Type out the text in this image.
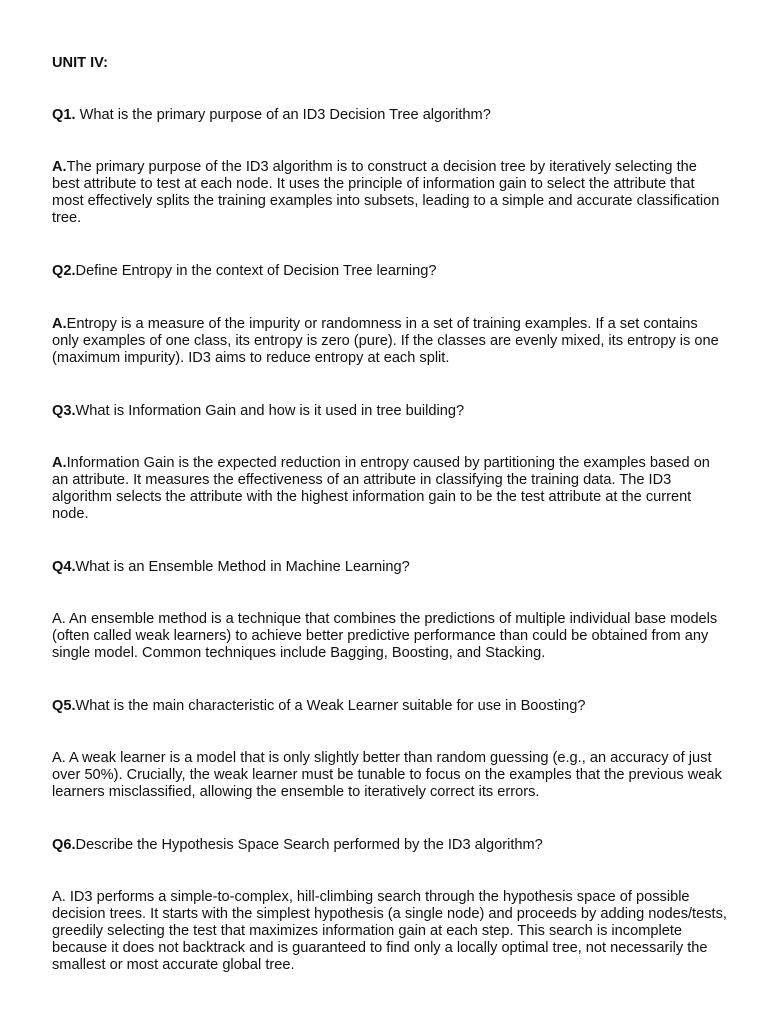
UNIT IV:
Q1. What is the primary purpose of an ID3 Decision Tree algorithm?
A.The primary purpose of the ID3 algorithm is to construct a decision tree by iteratively selecting the best attribute to test at each node. It uses the principle of information gain to select the attribute that most effectively splits the training examples into subsets, leading to a simple and accurate classification tree.
Q2.Define Entropy in the context of Decision Tree learning?
A.Entropy is a measure of the impurity or randomness in a set of training examples. If a set contains only examples of one class, its entropy is zero (pure). If the classes are evenly mixed, its entropy is one (maximum impurity). ID3 aims to reduce entropy at each split.
Q3.What is Information Gain and how is it used in tree building?
A.Information Gain is the expected reduction in entropy caused by partitioning the examples based on an attribute. It measures the effectiveness of an attribute in classifying the training data. The ID3 algorithm selects the attribute with the highest information gain to be the test attribute at the current node.
Q4.What is an Ensemble Method in Machine Learning?
A. An ensemble method is a technique that combines the predictions of multiple individual base models (often called weak learners) to achieve better predictive performance than could be obtained from any single model. Common techniques include Bagging, Boosting, and Stacking.
Q5.What is the main characteristic of a Weak Learner suitable for use in Boosting?
A. A weak learner is a model that is only slightly better than random guessing (e.g., an accuracy of just over 50%). Crucially, the weak learner must be tunable to focus on the examples that the previous weak learners misclassified, allowing the ensemble to iteratively correct its errors.
Q6.Describe the Hypothesis Space Search performed by the ID3 algorithm?
A. ID3 performs a simple-to-complex, hill-climbing search through the hypothesis space of possible decision trees. It starts with the simplest hypothesis (a single node) and proceeds by adding nodes/tests, greedily selecting the test that maximizes information gain at each step. This search is incomplete because it does not backtrack and is guaranteed to find only a locally optimal tree, not necessarily the smallest or most accurate global tree.
